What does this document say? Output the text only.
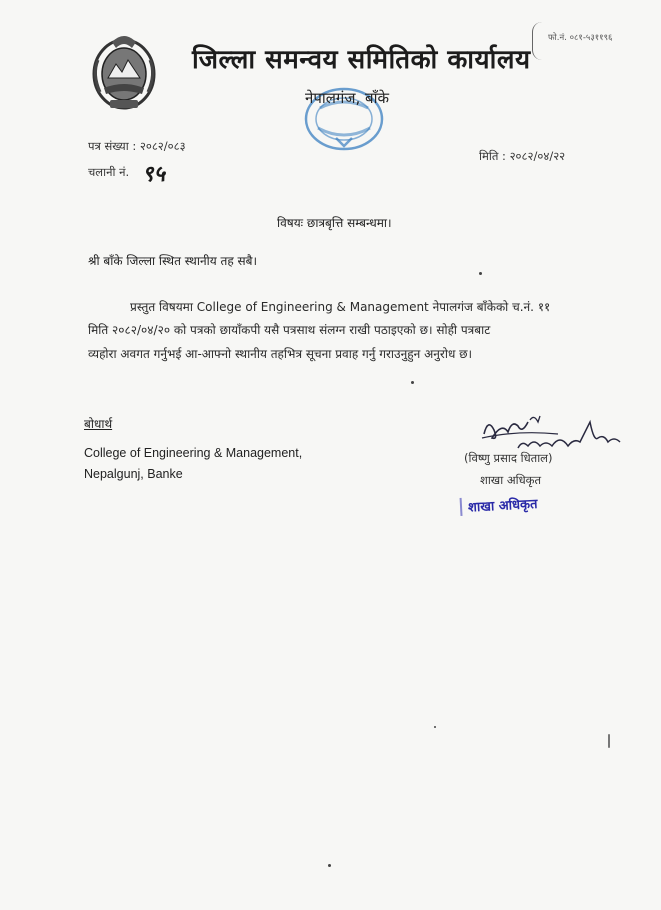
जिल्ला समन्वय समितिको कार्यालय
फो.नं. ०८१-५३११९६
नेपालगंज, बाँके
पत्र संख्या : २०८२/०८३
चलानी नं. ९५
मिति : २०८२/०४/२२
विषयः छात्रबृत्ति सम्बन्धमा।
श्री बाँके जिल्ला स्थित स्थानीय तह सबै।
प्रस्तुत विषयमा College of Engineering & Management नेपालगंज बाँकेको च.नं. ११
मिति २०८२/०४/२० को पत्रको छायाँकपी यसै पत्रसाथ संलग्न राखी पठाइएको छ। सोही पत्रबाट
व्यहोरा अवगत गर्नुभई आ-आफ्नो स्थानीय तहभित्र सूचना प्रवाह गर्नु गराउनुहुन अनुरोध छ।
बोधार्थ
College of Engineering & Management,
Nepalgunj, Banke
(विष्णु प्रसाद धिताल)
शाखा अधिकृत
शाखा अधिकृत
